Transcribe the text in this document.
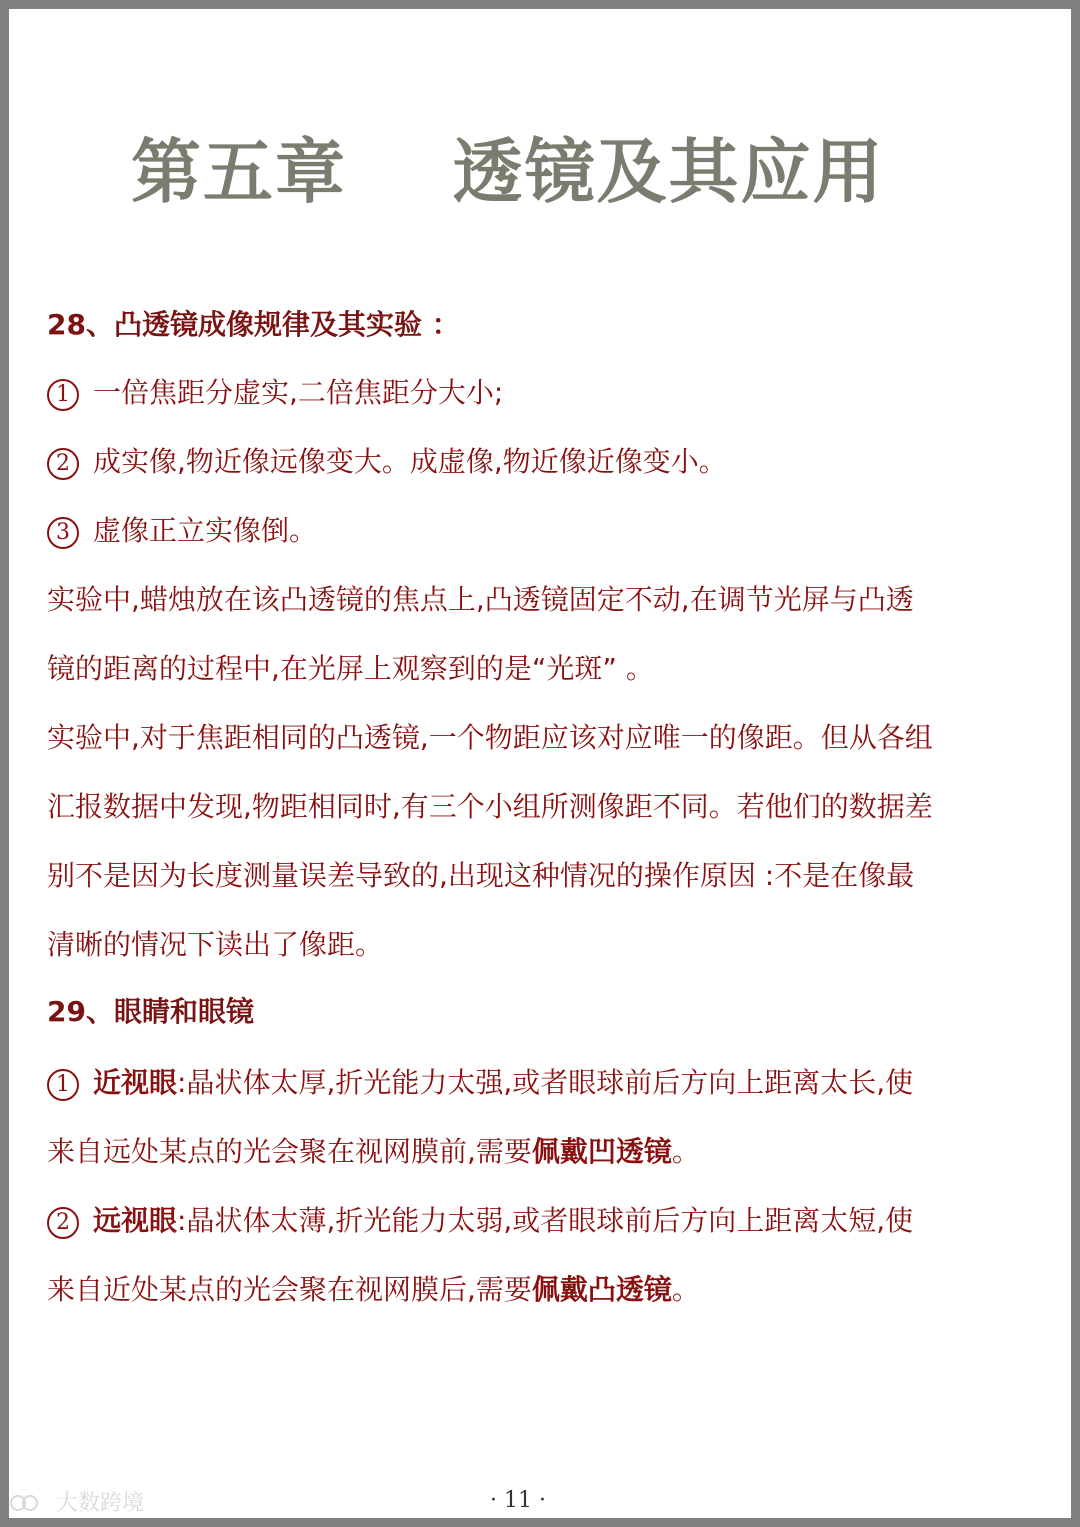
第五章    透镜及其应用

28、凸透镜成像规律及其实验 ：

1 一倍焦距分虚实,二倍焦距分大小;

2 成实像,物近像远像变大。成虚像,物近像近像变小。

3 虚像正立实像倒。

实验中,蜡烛放在该凸透镜的焦点上,凸透镜固定不动,在调节光屏与凸透

镜的距离的过程中,在光屏上观察到的是“光斑” 。

实验中,对于焦距相同的凸透镜,一个物距应该对应唯一的像距。但从各组

汇报数据中发现,物距相同时,有三个小组所测像距不同。若他们的数据差

别不是因为长度测量误差导致的,出现这种情况的操作原因 :不是在像最

清晰的情况下读出了像距。

29、眼睛和眼镜

1 近视眼:晶状体太厚,折光能力太强,或者眼球前后方向上距离太长,使

来自远处某点的光会聚在视网膜前,需要佩戴凹透镜。

2 远视眼:晶状体太薄,折光能力太弱,或者眼球前后方向上距离太短,使

来自近处某点的光会聚在视网膜后,需要佩戴凸透镜。

· 11 ·
大数跨境
